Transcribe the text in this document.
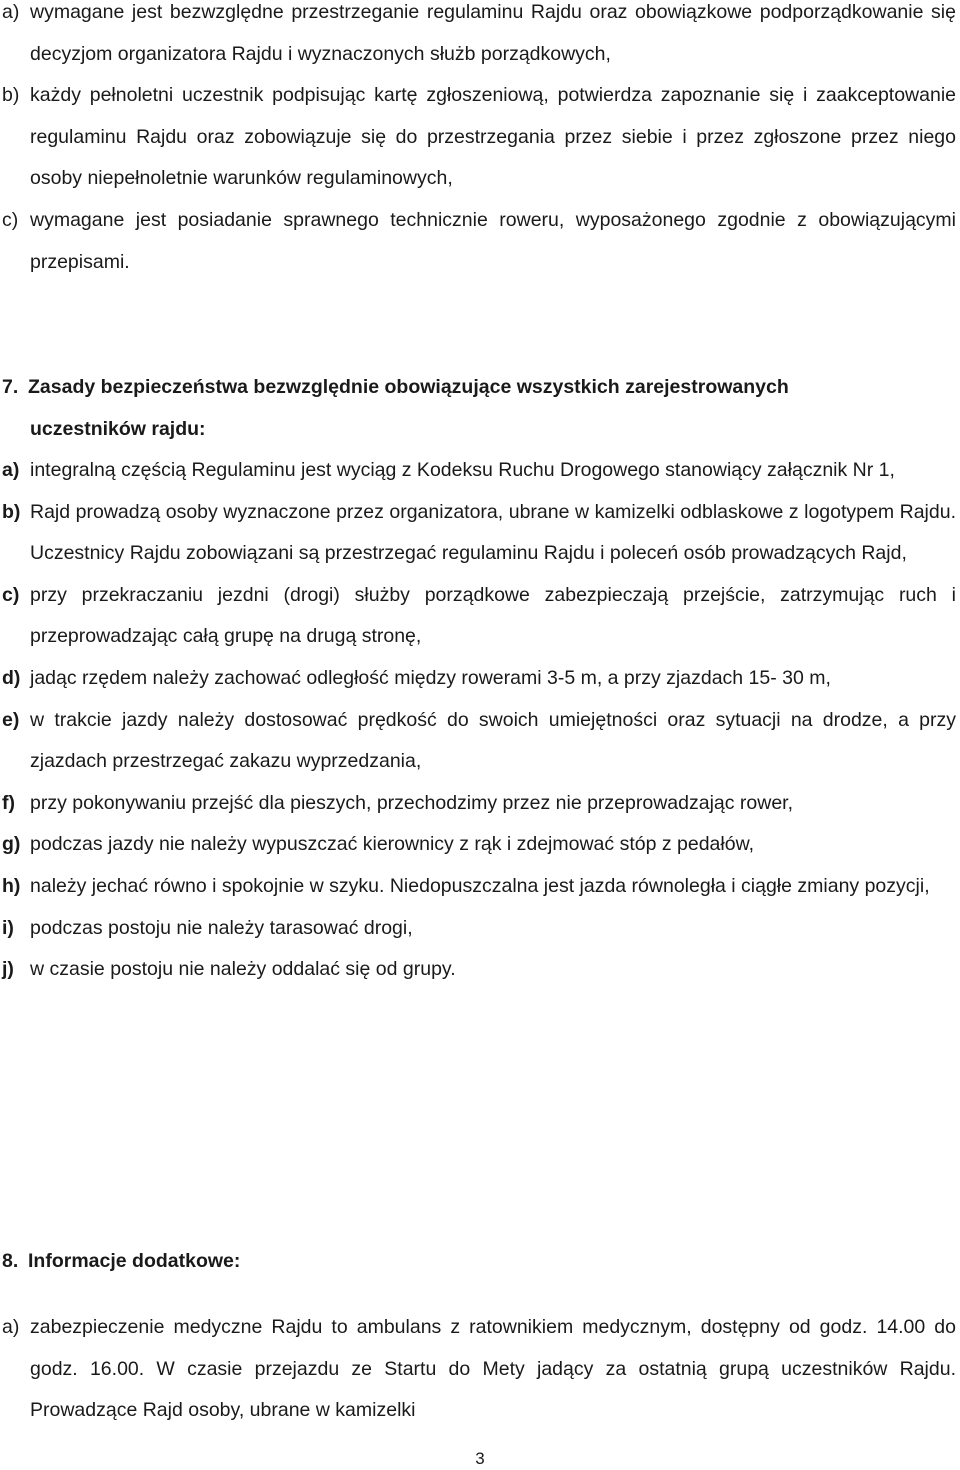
a) wymagane jest bezwzględne przestrzeganie regulaminu Rajdu oraz obowiązkowe podporządkowanie się decyzjom organizatora Rajdu i wyznaczonych służb porządkowych,
b) każdy pełnoletni uczestnik podpisując kartę zgłoszeniową, potwierdza zapoznanie się i zaakceptowanie regulaminu Rajdu oraz zobowiązuje się do przestrzegania przez siebie i przez zgłoszone przez niego osoby niepełnoletnie warunków regulaminowych,
c) wymagane jest posiadanie sprawnego technicznie roweru, wyposażonego zgodnie z obowiązującymi przepisami.
7. Zasady bezpieczeństwa bezwzględnie obowiązujące wszystkich zarejestrowanych
uczestników rajdu:
a) integralną częścią Regulaminu jest wyciąg z Kodeksu Ruchu Drogowego stanowiący załącznik Nr 1,
b) Rajd prowadzą osoby wyznaczone przez organizatora, ubrane w kamizelki odblaskowe z logotypem Rajdu. Uczestnicy Rajdu zobowiązani są przestrzegać regulaminu Rajdu i poleceń osób prowadzących Rajd,
c) przy przekraczaniu jezdni (drogi) służby porządkowe zabezpieczają przejście, zatrzymując ruch i przeprowadzając całą grupę na drugą stronę,
d) jadąc rzędem należy zachować odległość między rowerami 3-5 m, a przy zjazdach 15- 30 m,
e) w trakcie jazdy należy dostosować prędkość do swoich umiejętności oraz sytuacji na drodze, a przy zjazdach przestrzegać zakazu wyprzedzania,
f) przy pokonywaniu przejść dla pieszych, przechodzimy przez nie przeprowadzając rower,
g) podczas jazdy nie należy wypuszczać kierownicy z rąk i zdejmować stóp z pedałów,
h) należy jechać równo i spokojnie w szyku. Niedopuszczalna jest jazda równoległa i ciągłe zmiany pozycji,
i) podczas postoju nie należy tarasować drogi,
j) w czasie postoju nie należy oddalać się od grupy.
8. Informacje dodatkowe:
a) zabezpieczenie medyczne Rajdu to ambulans z ratownikiem medycznym, dostępny od godz. 14.00 do godz. 16.00. W czasie przejazdu ze Startu do Mety jadący za ostatnią grupą uczestników Rajdu. Prowadzące Rajd osoby, ubrane w kamizelki
3
